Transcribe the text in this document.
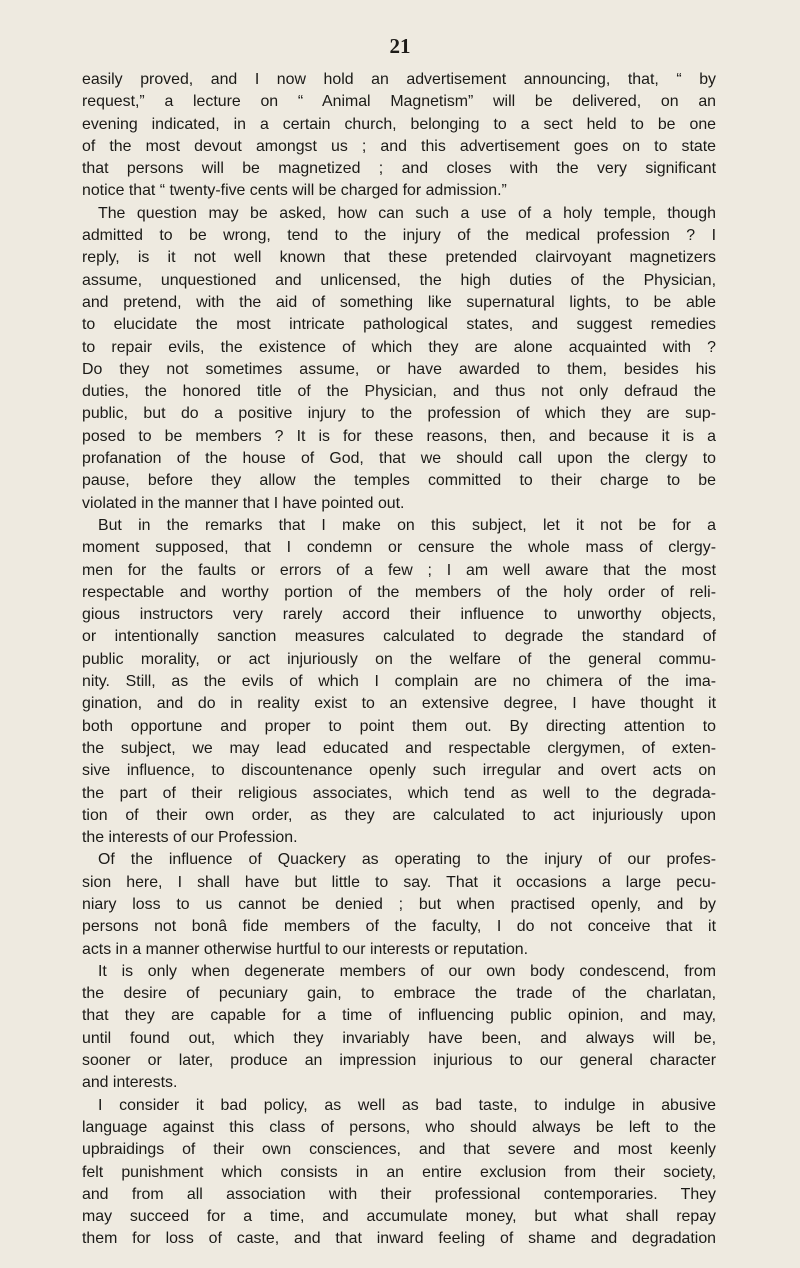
21
easily proved, and I now hold an advertisement announcing, that, “ by
request,” a lecture on “ Animal Magnetism” will be delivered, on an
evening indicated, in a certain church, belonging to a sect held to be one
of the most devout amongst us ; and this advertisement goes on to state
that persons will be magnetized ; and closes with the very significant
notice that “ twenty-five cents will be charged for admission.”
The question may be asked, how can such a use of a holy temple, though
admitted to be wrong, tend to the injury of the medical profession ? I
reply, is it not well known that these pretended clairvoyant magnetizers
assume, unquestioned and unlicensed, the high duties of the Physician,
and pretend, with the aid of something like supernatural lights, to be able
to elucidate the most intricate pathological states, and suggest remedies
to repair evils, the existence of which they are alone acquainted with ?
Do they not sometimes assume, or have awarded to them, besides his
duties, the honored title of the Physician, and thus not only defraud the
public, but do a positive injury to the profession of which they are sup-
posed to be members ? It is for these reasons, then, and because it is a
profanation of the house of God, that we should call upon the clergy to
pause, before they allow the temples committed to their charge to be
violated in the manner that I have pointed out.
But in the remarks that I make on this subject, let it not be for a
moment supposed, that I condemn or censure the whole mass of clergy-
men for the faults or errors of a few ; I am well aware that the most
respectable and worthy portion of the members of the holy order of reli-
gious instructors very rarely accord their influence to unworthy objects,
or intentionally sanction measures calculated to degrade the standard of
public morality, or act injuriously on the welfare of the general commu-
nity. Still, as the evils of which I complain are no chimera of the ima-
gination, and do in reality exist to an extensive degree, I have thought it
both opportune and proper to point them out. By directing attention to
the subject, we may lead educated and respectable clergymen, of exten-
sive influence, to discountenance openly such irregular and overt acts on
the part of their religious associates, which tend as well to the degrada-
tion of their own order, as they are calculated to act injuriously upon
the interests of our Profession.
Of the influence of Quackery as operating to the injury of our profes-
sion here, I shall have but little to say. That it occasions a large pecu-
niary loss to us cannot be denied ; but when practised openly, and by
persons not bonâ fide members of the faculty, I do not conceive that it
acts in a manner otherwise hurtful to our interests or reputation.
It is only when degenerate members of our own body condescend, from
the desire of pecuniary gain, to embrace the trade of the charlatan,
that they are capable for a time of influencing public opinion, and may,
until found out, which they invariably have been, and always will be,
sooner or later, produce an impression injurious to our general character
and interests.
I consider it bad policy, as well as bad taste, to indulge in abusive
language against this class of persons, who should always be left to the
upbraidings of their own consciences, and that severe and most keenly
felt punishment which consists in an entire exclusion from their society,
and from all association with their professional contemporaries. They
may succeed for a time, and accumulate money, but what shall repay
them for loss of caste, and that inward feeling of shame and degradation
